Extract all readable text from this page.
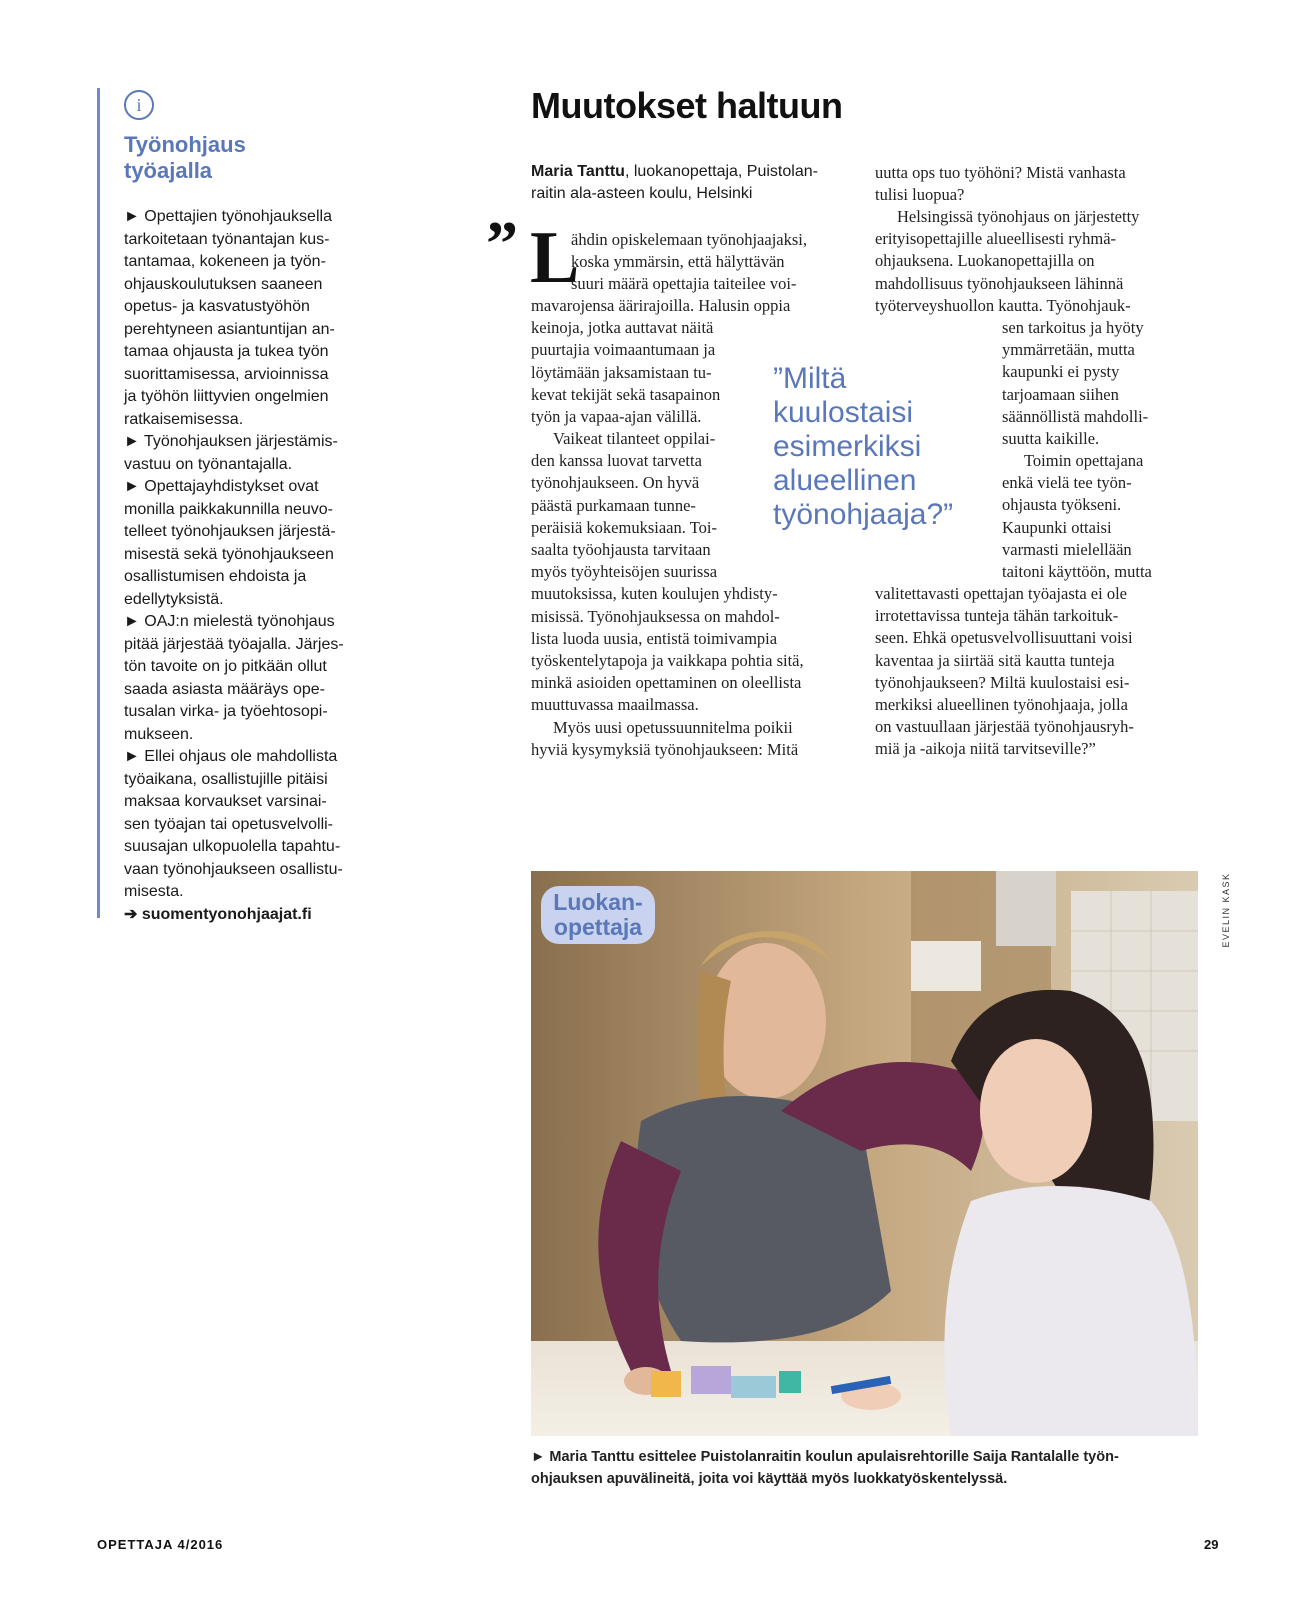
i
Työnohjaus
työajalla

► Opettajien työnohjauksella

tarkoitetaan työnantajan kus-

tantamaa, kokeneen ja työn-

ohjauskoulutuksen saaneen

opetus- ja kasvatustyöhön

perehtyneen asiantuntijan an-

tamaa ohjausta ja tukea työn

suorittamisessa, arvioinnissa

ja työhön liittyvien ongelmien

ratkaisemisessa.

► Työnohjauksen järjestämis-

vastuu on työnantajalla.

► Opettajayhdistykset ovat

monilla paikkakunnilla neuvo-

telleet työnohjauksen järjestä-

misestä sekä työnohjaukseen

osallistumisen ehdoista ja

edellytyksistä.

► OAJ:n mielestä työnohjaus

pitää järjestää työajalla. Järjes-

tön tavoite on jo pitkään ollut

saada asiasta määräys ope-

tusalan virka- ja työehtosopi-

mukseen.

► Ellei ohjaus ole mahdollista

työaikana, osallistujille pitäisi

maksaa korvaukset varsinai-

sen työajan tai opetusvelvolli-

suusajan ulkopuolella tapahtu-

vaan työnohjaukseen osallistu-

misesta.

➔ suomentyonohjaajat.fi

Muutokset haltuun
Maria Tanttu, luokanopettaja, Puistolan-
raitin ala-asteen koulu, Helsinki
” L

ähdin opiskelemaan työnohjaajaksi,

koska ymmärsin, että hälyttävän

suuri määrä opettajia taiteilee voi-

mavarojensa äärirajoilla. Halusin oppia

keinoja, jotka auttavat näitä

puurtajia voimaantumaan ja

löytämään jaksamistaan tu-

kevat tekijät sekä tasapainon

työn ja vapaa-ajan välillä.

Vaikeat tilanteet oppilai-

den kanssa luovat tarvetta

työnohjaukseen. On hyvä

päästä purkamaan tunne-

peräisiä kokemuksiaan. Toi-

saalta työohjausta tarvitaan

myös työyhteisöjen suurissa

muutoksissa, kuten koulujen yhdisty-

misissä. Työnohjauksessa on mahdol-

lista luoda uusia, entistä toimivampia

työskentelytapoja ja vaikkapa pohtia sitä,

minkä asioiden opettaminen on oleellista

muuttuvassa maailmassa.

Myös uusi opetussuunnitelma poikii

hyviä kysymyksiä työnohjaukseen: Mitä

”Miltä
kuulostaisi
esimerkiksi
alueellinen
työnohjaaja?”

uutta ops tuo työhöni? Mistä vanhasta

tulisi luopua?

Helsingissä työnohjaus on järjestetty

erityisopettajille alueellisesti ryhmä-

ohjauksena. Luokanopettajilla on

mahdollisuus työnohjaukseen lähinnä

työterveyshuollon kautta. Työnohjauk-

sen tarkoitus ja hyöty

ymmärretään, mutta

kaupunki ei pysty

tarjoamaan siihen

säännöllistä mahdolli-

suutta kaikille.

Toimin opettajana

enkä vielä tee työn-

ohjausta työkseni.

Kaupunki ottaisi

varmasti mielellään

taitoni käyttöön, mutta

valitettavasti opettajan työajasta ei ole

irrotettavissa tunteja tähän tarkoituk-

seen. Ehkä opetusvelvollisuuttani voisi

kaventaa ja siirtää sitä kautta tunteja

työnohjaukseen? Miltä kuulostaisi esi-

merkiksi alueellinen työnohjaaja, jolla

on vastuullaan järjestää työnohjausryh-

miä ja -aikoja niitä tarvitseville?”

Luokan-
opettaja	EVELIN KASK
► Maria Tanttu esittelee Puistolanraitin koulun apulaisrehtorille Saija Rantalalle työn-
ohjauksen apuvälineitä, joita voi käyttää myös luokkatyöskentelyssä.
OPETTAJA 4/2016	29
